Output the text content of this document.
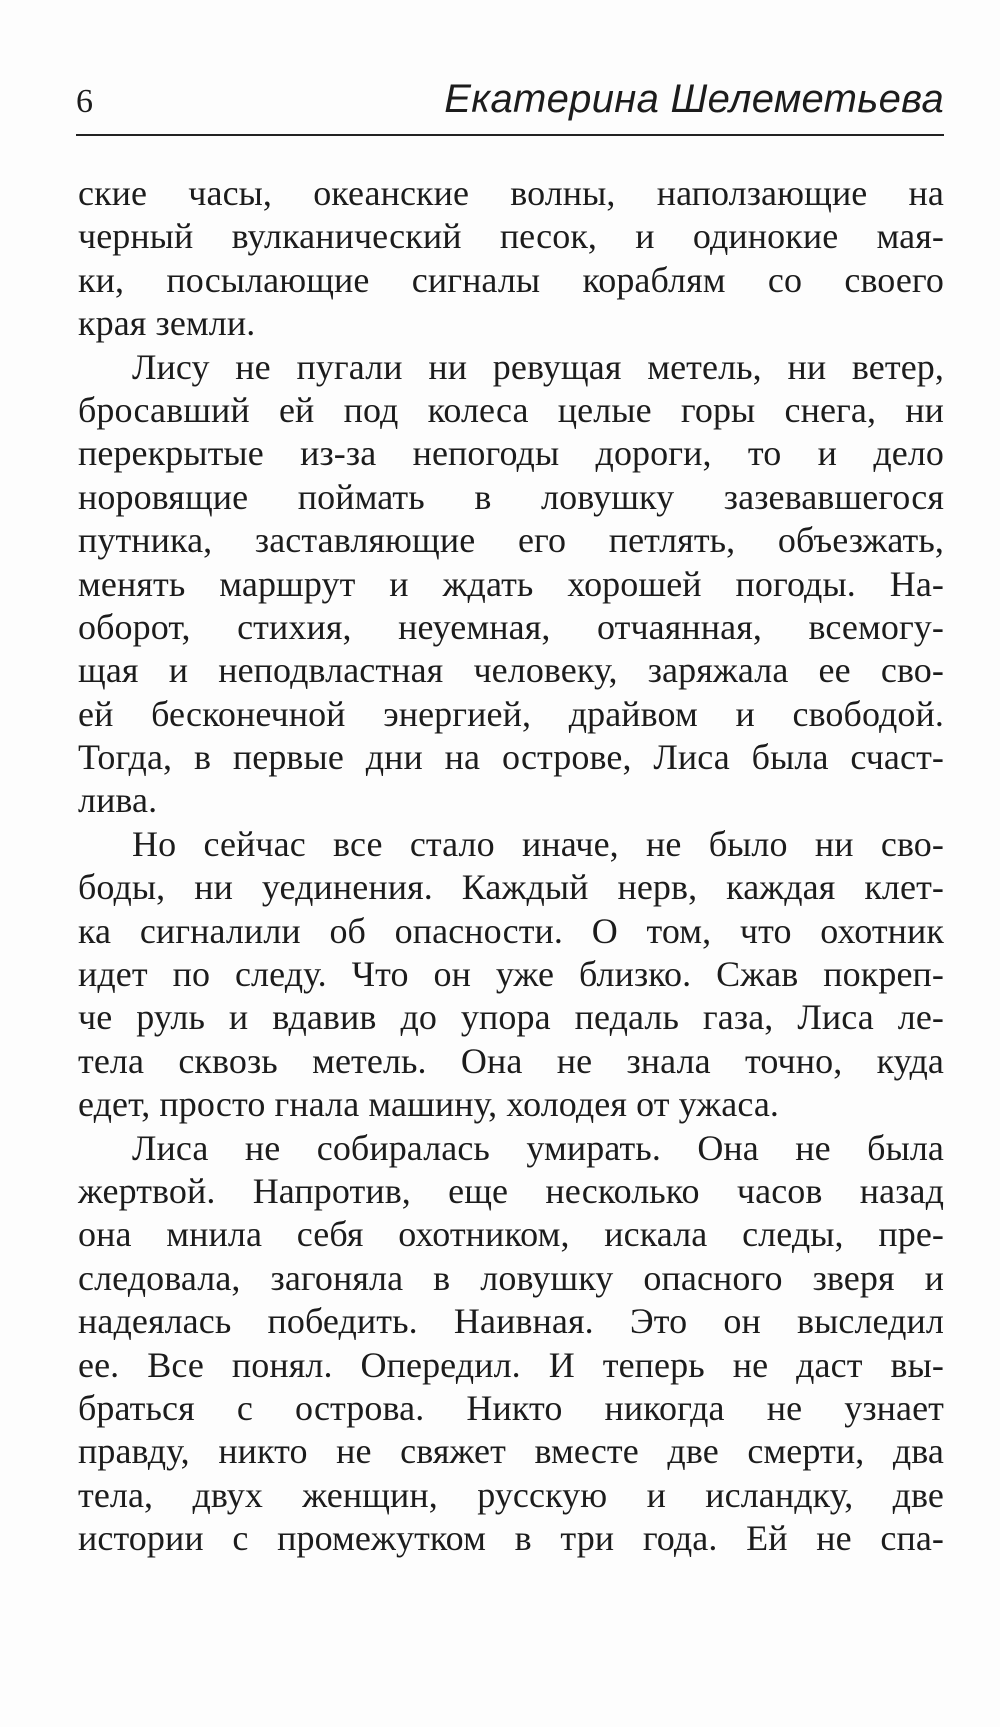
6	Екатерина Шелеметьева
ские часы, океанские волны, наползающие на
черный вулканический песок, и одинокие мая-
ки, посылающие сигналы кораблям со своего
края земли.
Лису не пугали ни ревущая метель, ни ветер,
бросавший ей под колеса целые горы снега, ни
перекрытые из-за непогоды дороги, то и дело
норовящие поймать в ловушку зазевавшегося
путника, заставляющие его петлять, объезжать,
менять маршрут и ждать хорошей погоды. На-
оборот, стихия, неуемная, отчаянная, всемогу-
щая и неподвластная человеку, заряжала ее сво-
ей бесконечной энергией, драйвом и свободой.
Тогда, в первые дни на острове, Лиса была счаст-
лива.
Но сейчас все стало иначе, не было ни сво-
боды, ни уединения. Каждый нерв, каждая клет-
ка сигналили об опасности. О том, что охотник
идет по следу. Что он уже близко. Сжав покреп-
че руль и вдавив до упора педаль газа, Лиса ле-
тела сквозь метель. Она не знала точно, куда
едет, просто гнала машину, холодея от ужаса.
Лиса не собиралась умирать. Она не была
жертвой. Напротив, еще несколько часов назад
она мнила себя охотником, искала следы, пре-
следовала, загоняла в ловушку опасного зверя и
надеялась победить. Наивная. Это он выследил
ее. Все понял. Опередил. И теперь не даст вы-
браться с острова. Никто никогда не узнает
правду, никто не свяжет вместе две смерти, два
тела, двух женщин, русскую и исландку, две
истории с промежутком в три года. Ей не спа-
